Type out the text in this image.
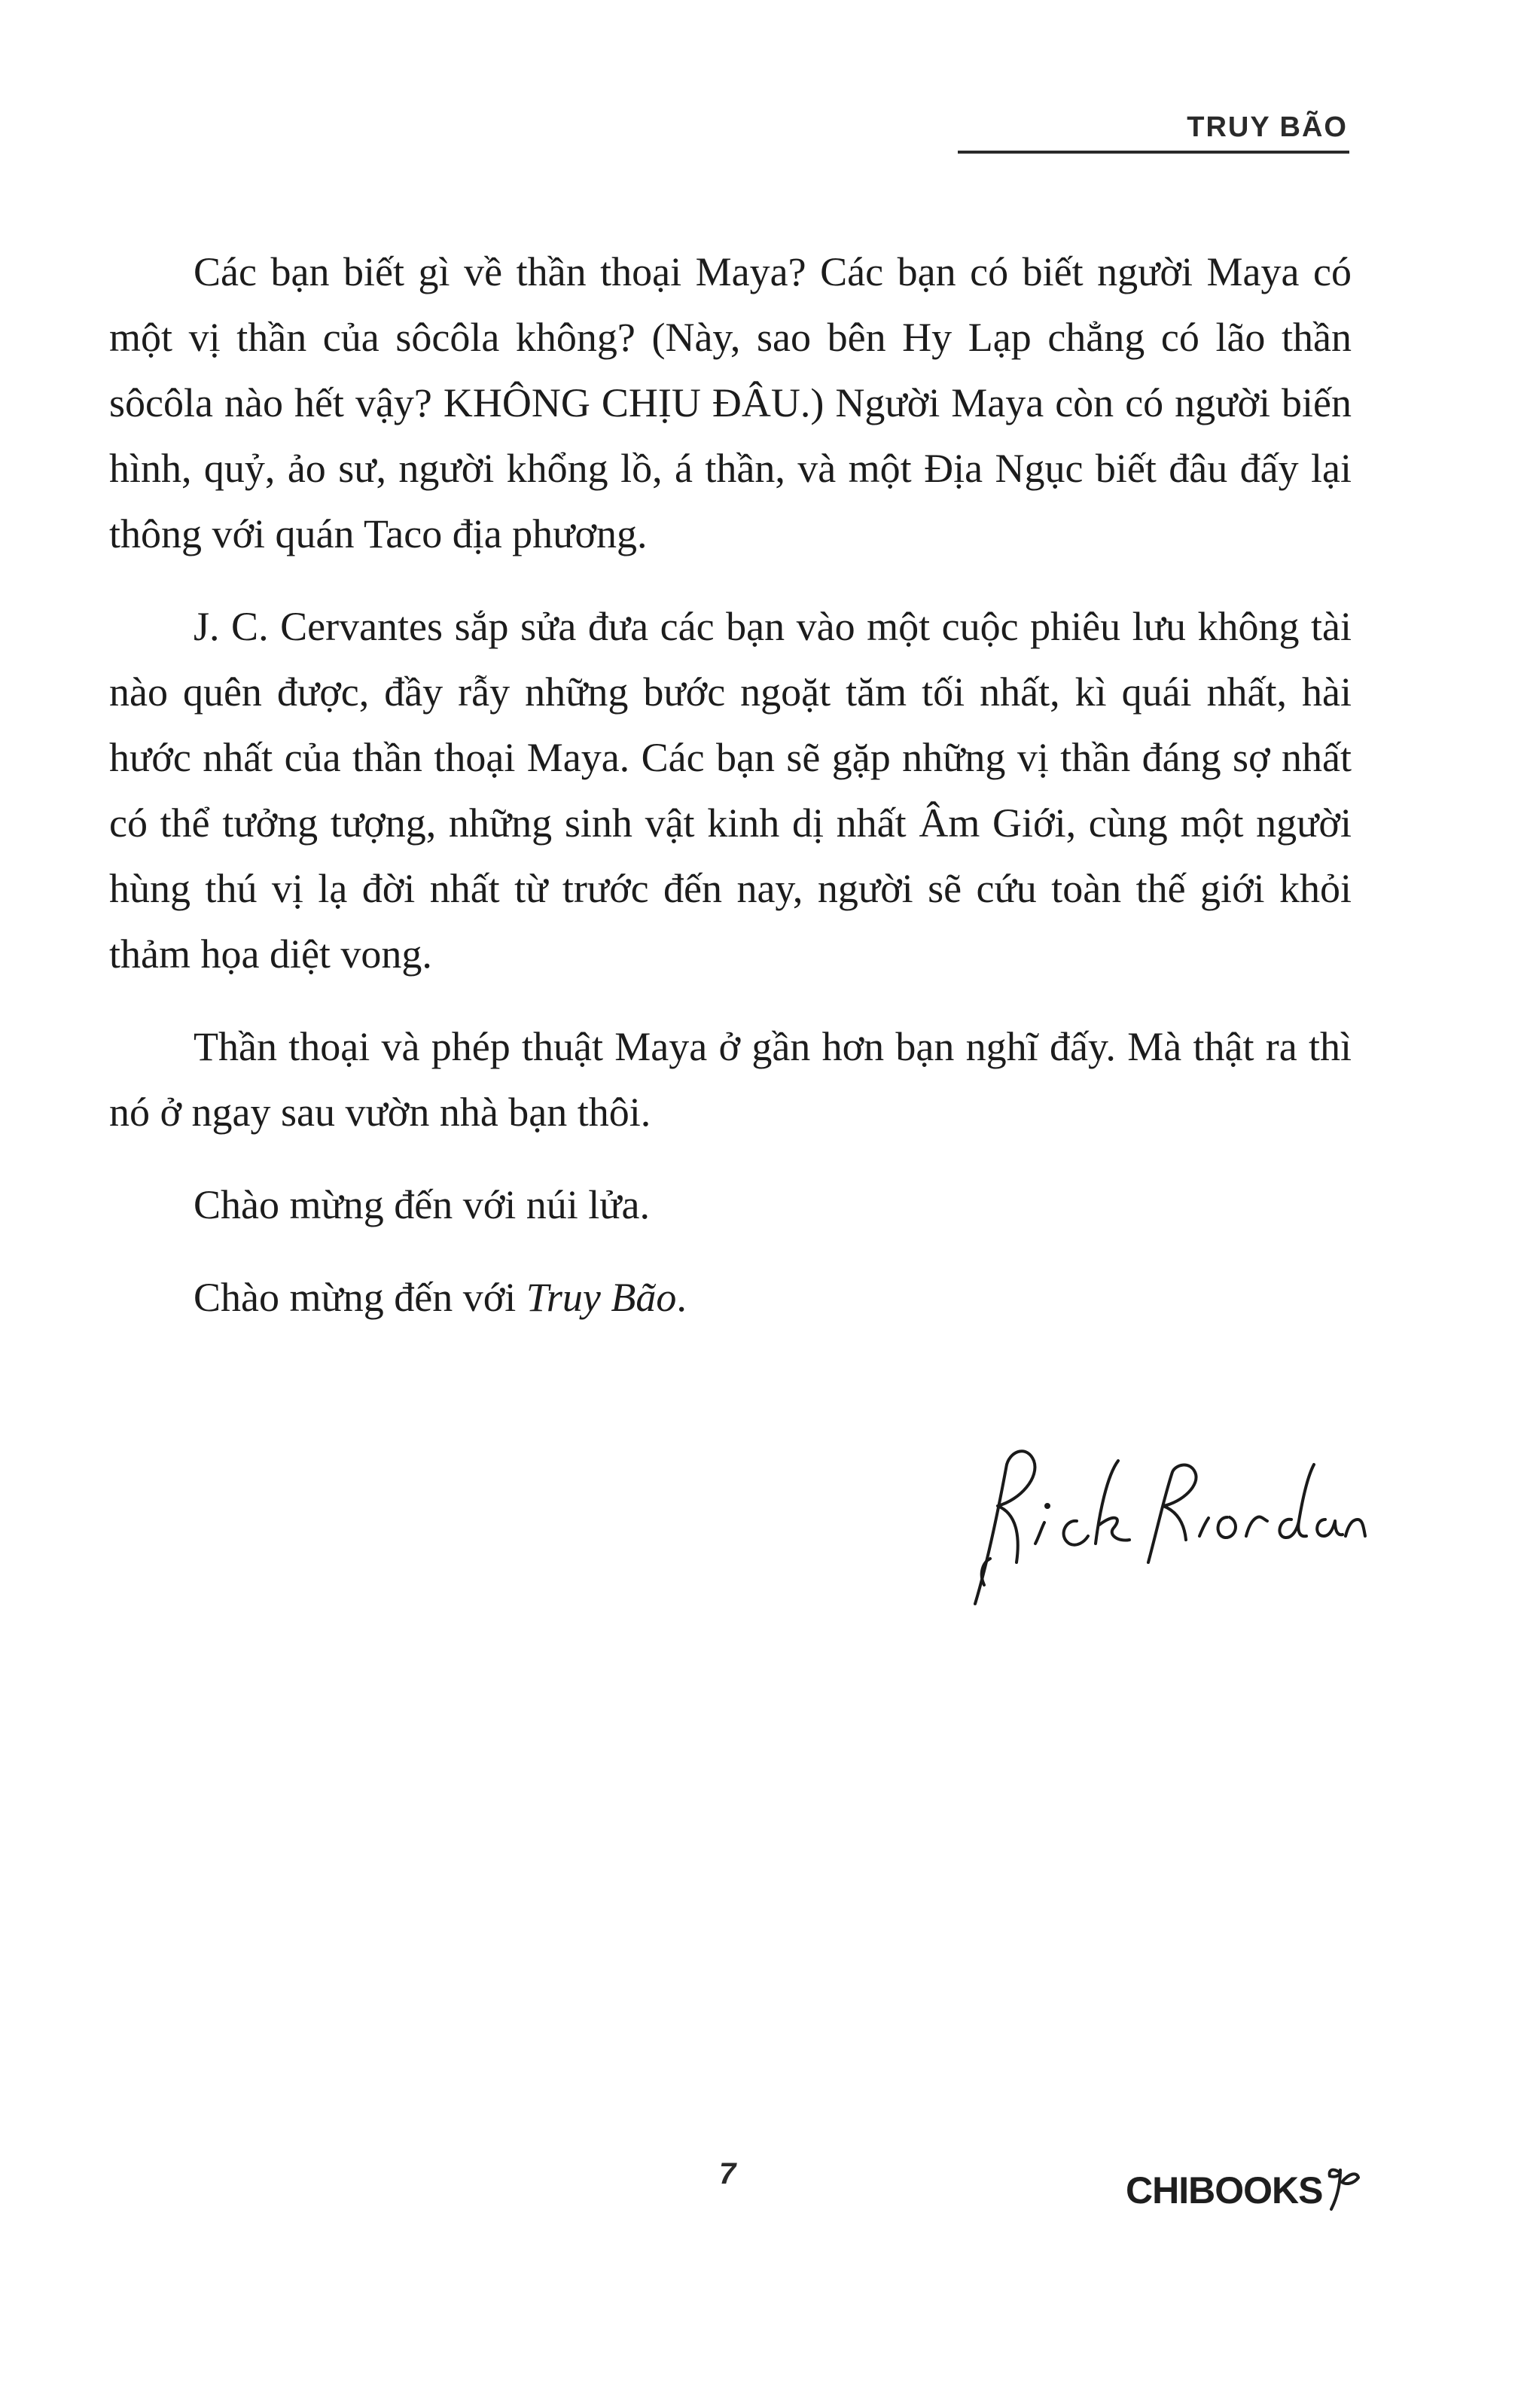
TRUY BÃO

Các bạn biết gì về thần thoại Maya? Các bạn có biết người Maya có một vị thần của sôcôla không? (Này, sao bên Hy Lạp chẳng có lão thần sôcôla nào hết vậy? KHÔNG CHỊU ĐÂU.) Người Maya còn có người biến hình, quỷ, ảo sư, người khổng lồ, á thần, và một Địa Ngục biết đâu đấy lại thông với quán Taco địa phương.

J. C. Cervantes sắp sửa đưa các bạn vào một cuộc phiêu lưu không tài nào quên được, đầy rẫy những bước ngoặt tăm tối nhất, kì quái nhất, hài hước nhất của thần thoại Maya. Các bạn sẽ gặp những vị thần đáng sợ nhất có thể tưởng tượng, những sinh vật kinh dị nhất Âm Giới, cùng một người hùng thú vị lạ đời nhất từ trước đến nay, người sẽ cứu toàn thế giới khỏi thảm họa diệt vong.

Thần thoại và phép thuật Maya ở gần hơn bạn nghĩ đấy. Mà thật ra thì nó ở ngay sau vườn nhà bạn thôi.

Chào mừng đến với núi lửa.

Chào mừng đến với Truy Bão.

7	CHIBOOKS
